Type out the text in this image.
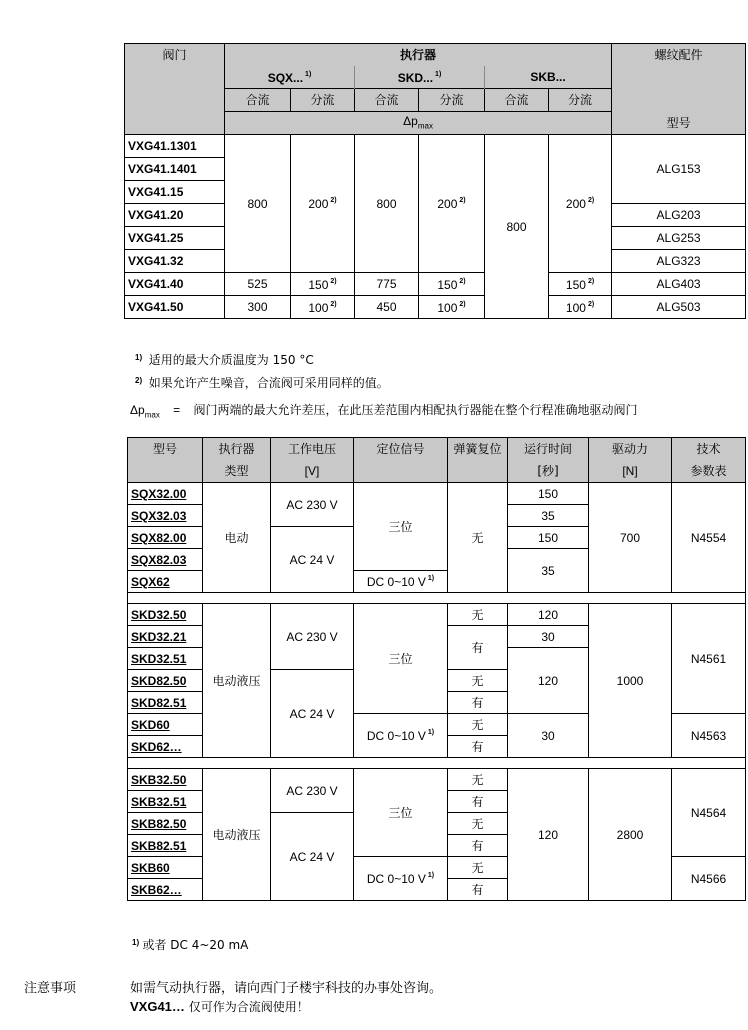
阀门	执行器						螺纹配件
	SQX... $^{1)}$		SKD... $^{1)}$		SKB...		
	合流	分流	合流	分流	合流	分流	
	$\Delta p_{max}$						型号
VXG41.1301	800	200 $^{2)}$	800	200 $^{2)}$	800	200 $^{2)}$	ALG153
VXG41.1401							
VXG41.15							
VXG41.20							ALG203
VXG41.25							ALG253
VXG41.32							ALG323
VXG41.40	525	150 $^{2)}$	775	150 $^{2)}$		150 $^{2)}$	ALG403
VXG41.50	300	100 $^{2)}$	450	100 $^{2)}$		100 $^{2)}$	ALG503
$^{1)}$ 适用的最大介质温度为 150 °C
$^{2)}$ 如果允许产生噪音，合流阀可采用同样的值。
$\Delta p_{max}$ = 阀门两端的最大允许差压，在此压差范围内相配执行器能在整个行程准确地驱动阀门
型号	执行器	工作电压	定位信号	弹簧复位	运行时间	驱动力	技术
	类型	[V]			[秒]	[N]	参数表
SQX32.00	电动	AC 230 V	三位	无	150	700	N4554
SQX32.03					35		
SQX82.00		AC 24 V			150		
SQX82.03					35		
SQX62			DC 0~10 V $^{1)}$

SKD32.50	电动液压	AC 230 V	三位	无	120	1000	N4561
SKD32.21				有	30		
SKD32.51					120		
SKD82.50		AC 24 V		无			
SKD82.51				有			
SKD60			DC 0~10 V $^{1)}$	无	30		N4563
SKD62…				有			

SKB32.50	电动液压	AC 230 V	三位	无	120	2800	N4564
SKB32.51				有			
SKB82.50		AC 24 V		无			
SKB82.51				有			
SKB60			DC 0~10 V $^{1)}$	无			N4566
SKB62…				有			
$^{1)}$ 或者 DC 4~20 mA
注意事项	如需气动执行器，请向西门子楼宇科技的办事处咨询。
VXG41… 仅可作为合流阀使用！
